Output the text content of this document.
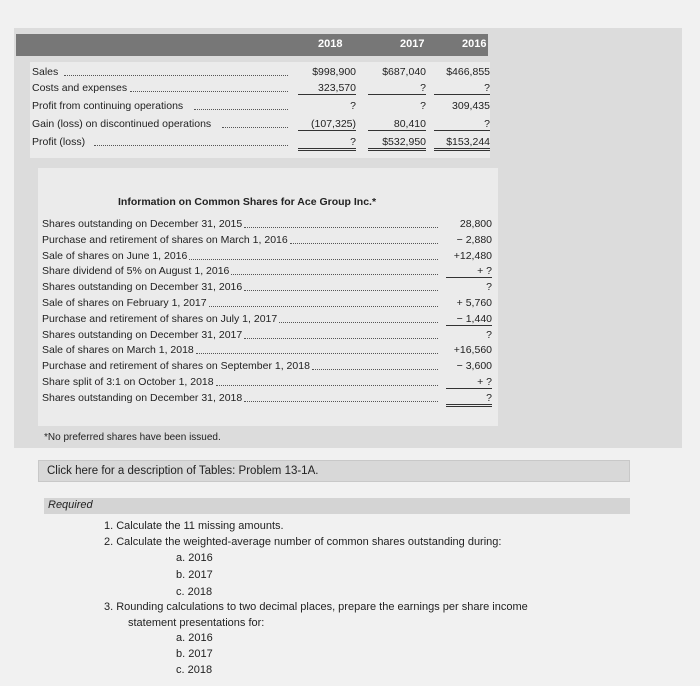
2018	2017	2016
Sales	$998,900	$687,040	$466,855
Costs and expenses	323,570	?	?
Profit from continuing operations	?	?	309,435
Gain (loss) on discontinued operations	(107,325)	80,410	?
Profit (loss)	?	$532,950	$153,244
Information on Common Shares for Ace Group Inc.*
Shares outstanding on December 31, 2015	28,800
Purchase and retirement of shares on March 1, 2016	− 2,880
Sale of shares on June 1, 2016	+12,480
Share dividend of 5% on August 1, 2016	+ ?
Shares outstanding on December 31, 2016	?
Sale of shares on February 1, 2017	+ 5,760
Purchase and retirement of shares on July 1, 2017	− 1,440
Shares outstanding on December 31, 2017	?
Sale of shares on March 1, 2018	+16,560
Purchase and retirement of shares on September 1, 2018	− 3,600
Share split of 3:1 on October 1, 2018	+ ?
Shares outstanding on December 31, 2018	?
*No preferred shares have been issued.
Click here for a description of Tables: Problem 13-1A.
Required
1. Calculate the 11 missing amounts.
2. Calculate the weighted-average number of common shares outstanding during:
a. 2016
b. 2017
c. 2018
3. Rounding calculations to two decimal places, prepare the earnings per share income
statement presentations for:
a. 2016
b. 2017
c. 2018
